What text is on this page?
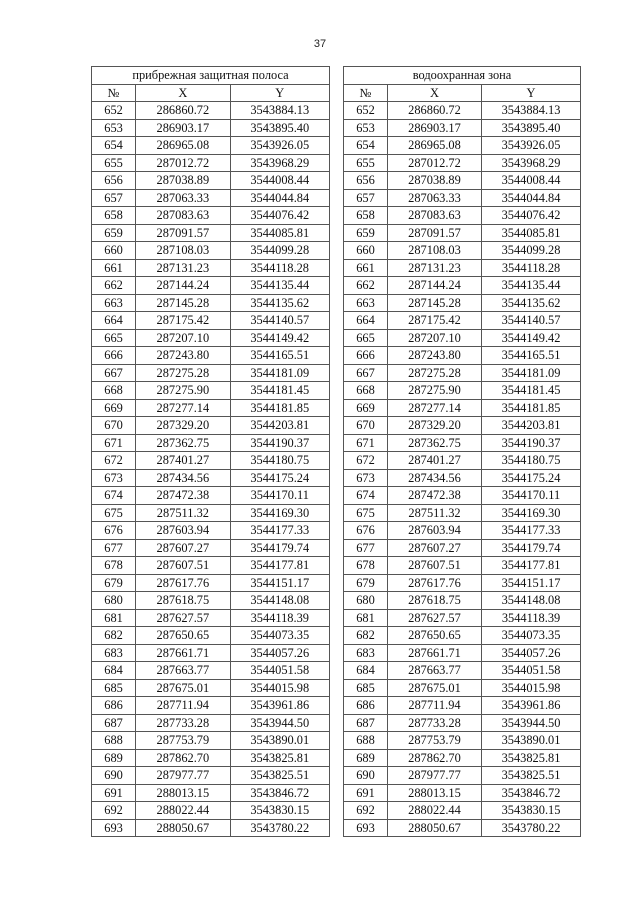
37
прибрежная защитная полоса		
№	X	Y
652	286860.72	3543884.13
653	286903.17	3543895.40
654	286965.08	3543926.05
655	287012.72	3543968.29
656	287038.89	3544008.44
657	287063.33	3544044.84
658	287083.63	3544076.42
659	287091.57	3544085.81
660	287108.03	3544099.28
661	287131.23	3544118.28
662	287144.24	3544135.44
663	287145.28	3544135.62
664	287175.42	3544140.57
665	287207.10	3544149.42
666	287243.80	3544165.51
667	287275.28	3544181.09
668	287275.90	3544181.45
669	287277.14	3544181.85
670	287329.20	3544203.81
671	287362.75	3544190.37
672	287401.27	3544180.75
673	287434.56	3544175.24
674	287472.38	3544170.11
675	287511.32	3544169.30
676	287603.94	3544177.33
677	287607.27	3544179.74
678	287607.51	3544177.81
679	287617.76	3544151.17
680	287618.75	3544148.08
681	287627.57	3544118.39
682	287650.65	3544073.35
683	287661.71	3544057.26
684	287663.77	3544051.58
685	287675.01	3544015.98
686	287711.94	3543961.86
687	287733.28	3543944.50
688	287753.79	3543890.01
689	287862.70	3543825.81
690	287977.77	3543825.51
691	288013.15	3543846.72
692	288022.44	3543830.15
693	288050.67	3543780.22
водоохранная зона		
№	X	Y
652	286860.72	3543884.13
653	286903.17	3543895.40
654	286965.08	3543926.05
655	287012.72	3543968.29
656	287038.89	3544008.44
657	287063.33	3544044.84
658	287083.63	3544076.42
659	287091.57	3544085.81
660	287108.03	3544099.28
661	287131.23	3544118.28
662	287144.24	3544135.44
663	287145.28	3544135.62
664	287175.42	3544140.57
665	287207.10	3544149.42
666	287243.80	3544165.51
667	287275.28	3544181.09
668	287275.90	3544181.45
669	287277.14	3544181.85
670	287329.20	3544203.81
671	287362.75	3544190.37
672	287401.27	3544180.75
673	287434.56	3544175.24
674	287472.38	3544170.11
675	287511.32	3544169.30
676	287603.94	3544177.33
677	287607.27	3544179.74
678	287607.51	3544177.81
679	287617.76	3544151.17
680	287618.75	3544148.08
681	287627.57	3544118.39
682	287650.65	3544073.35
683	287661.71	3544057.26
684	287663.77	3544051.58
685	287675.01	3544015.98
686	287711.94	3543961.86
687	287733.28	3543944.50
688	287753.79	3543890.01
689	287862.70	3543825.81
690	287977.77	3543825.51
691	288013.15	3543846.72
692	288022.44	3543830.15
693	288050.67	3543780.22
